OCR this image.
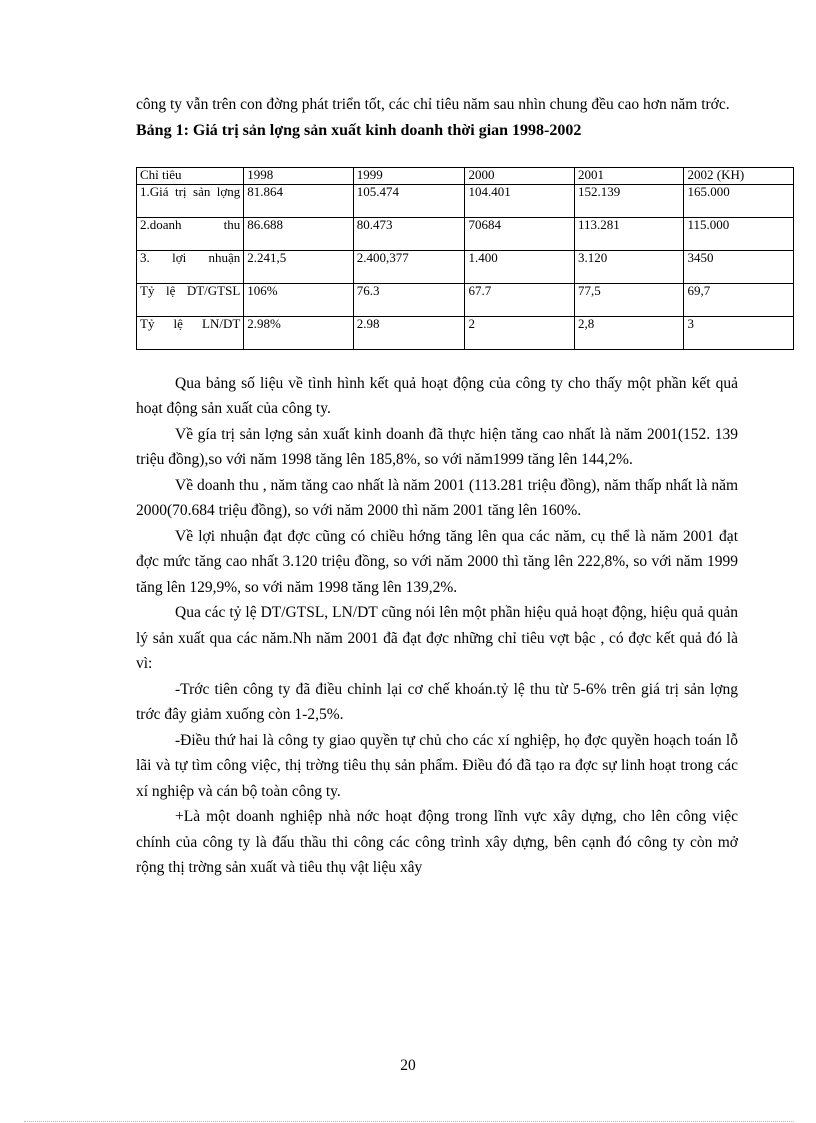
công ty vẫn trên con đờng phát triển tốt, các chỉ tiêu năm sau nhìn chung đều cao hơn năm trớc.

Bảng 1: Giá trị sản lợng sản xuất kinh doanh thời gian 1998-2002

Chỉ tiêu	1998	1999	2000	2001	2002 (KH)
1.Giá trị sản lợng	81.864	105.474	104.401	152.139	165.000
2.doanh thu	86.688	80.473	70684	113.281	115.000
3. lợi nhuận	2.241,5	2.400,377	1.400	3.120	3450
Tỷ lệ DT/GTSL	106%	76.3	67.7	77,5	69,7
Tỷ lệ LN/DT	2.98%	2.98	2	2,8	3

Qua bảng số liệu về tình hình kết quả hoạt động của công ty cho thấy một phần kết quả hoạt động sản xuất của công ty.

Về gía trị sản lợng sản xuất kinh doanh đã thực hiện tăng cao nhất là năm 2001(152. 139 triệu đồng),so với năm 1998 tăng lên 185,8%, so với năm1999 tăng lên 144,2%.

Về doanh thu , năm tăng cao nhất là năm 2001 (113.281 triệu đồng), năm thấp nhất là năm 2000(70.684 triệu đồng), so với năm 2000 thì năm 2001 tăng lên 160%.

Về lợi nhuận đạt đợc cũng có chiều hớng tăng lên qua các năm, cụ thể là năm 2001 đạt đợc mức tăng cao nhất 3.120 triệu đồng, so với năm 2000 thì tăng lên 222,8%, so với năm 1999 tăng lên 129,9%, so với năm 1998 tăng lên 139,2%.

Qua các tỷ lệ DT/GTSL, LN/DT cũng nói lên một phần hiệu quả hoạt động, hiệu quả quản lý sản xuất qua các năm.Nh năm 2001 đã đạt đợc những chỉ tiêu vợt bậc , có đợc kết quả đó là vì:

-Trớc tiên công ty đã điều chỉnh lại cơ chế khoán.tỷ lệ thu từ 5-6% trên giá trị sản lợng trớc đây giảm xuống còn 1-2,5%.

-Điều thứ hai là công ty giao quyền tự chủ cho các xí nghiệp, họ đợc quyền hoạch toán lỗ lãi và tự tìm công việc, thị trờng tiêu thụ sản phẩm. Điều đó đã tạo ra đợc sự linh hoạt trong các xí nghiệp và cán bộ toàn công ty.

+Là một doanh nghiệp nhà nớc hoạt động trong lĩnh vực xây dựng, cho lên công việc chính của công ty là đấu thầu thi công các công trình xây dựng, bên cạnh đó công ty còn mở rộng thị trờng sản xuất và tiêu thụ vật liệu xây

20
